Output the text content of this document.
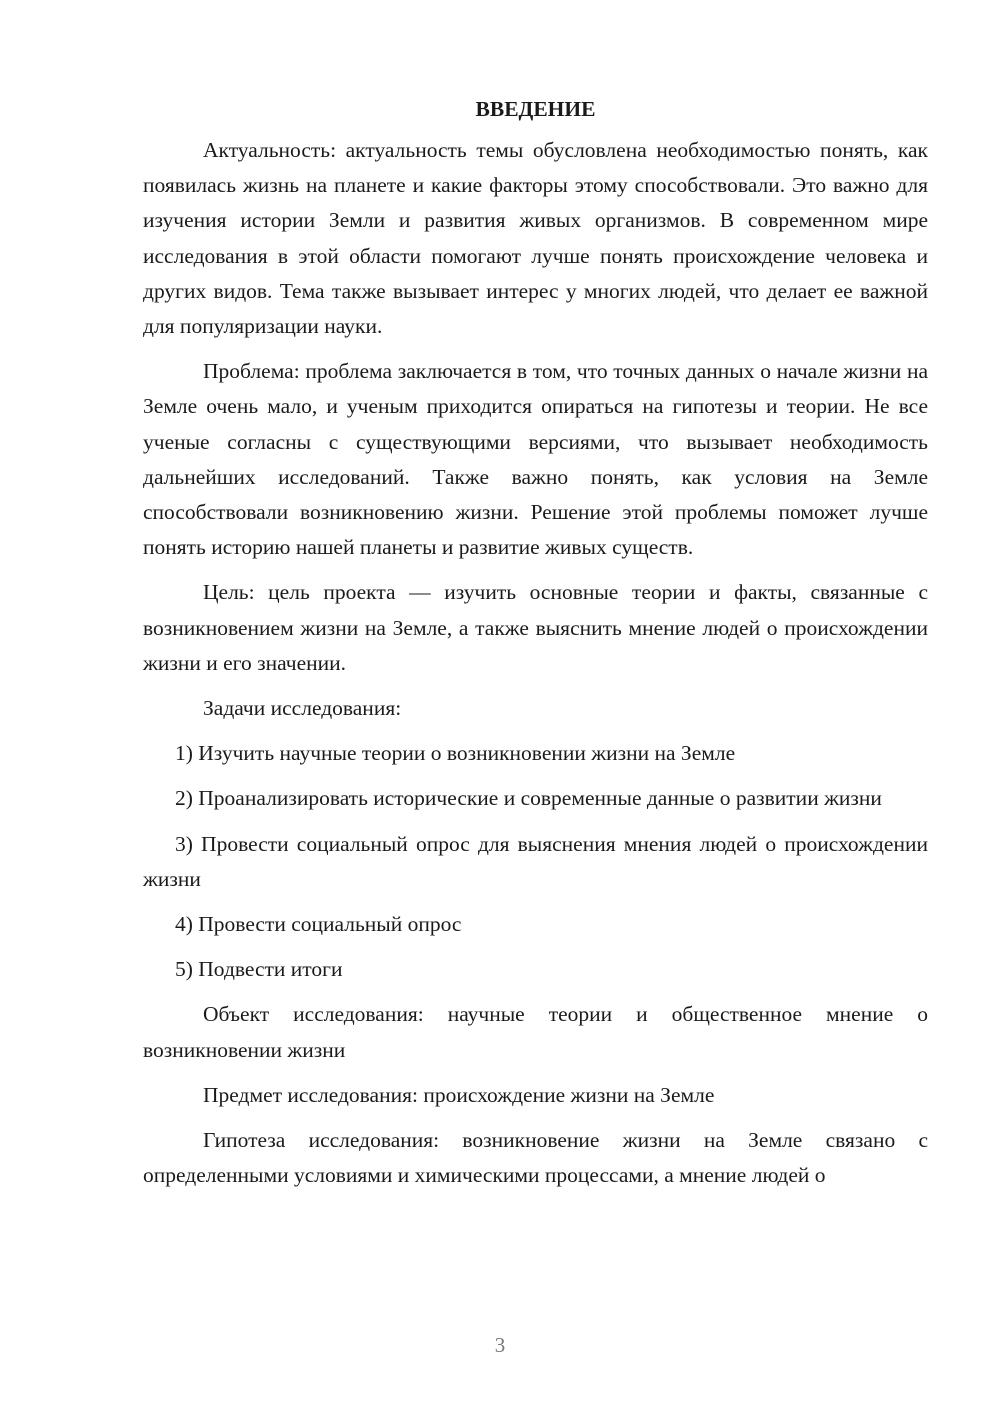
ВВЕДЕНИЕ

Актуальность: актуальность темы обусловлена необходимостью понять, как появилась жизнь на планете и какие факторы этому способствовали. Это важно для изучения истории Земли и развития живых организмов. В современном мире исследования в этой области помогают лучше понять происхождение человека и других видов. Тема также вызывает интерес у многих людей, что делает ее важной для популяризации науки.

Проблема: проблема заключается в том, что точных данных о начале жизни на Земле очень мало, и ученым приходится опираться на гипотезы и теории. Не все ученые согласны с существующими версиями, что вызывает необходимость дальнейших исследований. Также важно понять, как условия на Земле способствовали возникновению жизни. Решение этой проблемы поможет лучше понять историю нашей планеты и развитие живых существ.

Цель: цель проекта — изучить основные теории и факты, связанные с возникновением жизни на Земле, а также выяснить мнение людей о происхождении жизни и его значении.

Задачи исследования:

1) Изучить научные теории о возникновении жизни на Земле

2) Проанализировать исторические и современные данные о развитии жизни

3) Провести социальный опрос для выяснения мнения людей о происхождении жизни

4) Провести социальный опрос

5) Подвести итоги

Объект исследования: научные теории и общественное мнение о возникновении жизни

Предмет исследования: происхождение жизни на Земле

Гипотеза исследования: возникновение жизни на Земле связано с определенными условиями и химическими процессами, а мнение людей о

3
